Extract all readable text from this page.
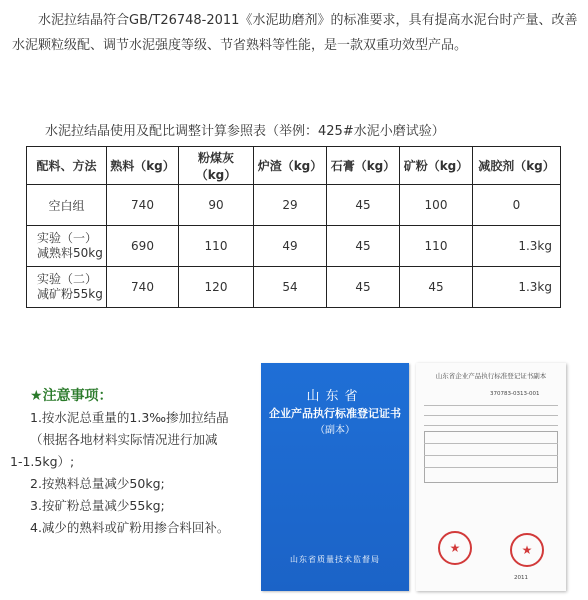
水泥拉结晶符合GB/T26748-2011《水泥助磨剂》的标准要求，具有提高水泥台时产量、改善水泥颗粒级配、调节水泥强度等级、节省熟料等性能，是一款双重功效型产品。

水泥拉结晶使用及配比调整计算参照表（举例：425#水泥小磨试验）
配料、方法	熟料（kg）	粉煤灰（kg）	炉渣（kg）	石膏（kg）	矿粉（kg）	减胶剂（kg）
空白组	740	90	29	45	100	0
实验（一）
减熟料50kg	690	110	49	45	110	1.3kg
实验（二）
减矿粉55kg	740	120	54	45	45	1.3kg
★注意事项：
1.按水泥总重量的1.3‰掺加拉结晶
（根据各地材料实际情况进行加减
1-1.5kg）;
2.按熟料总量减少50kg;
3.按矿粉总量减少55kg;
4.减少的熟料或矿粉用掺合料回补。
山东省
企业产品执行标准登记证书
（副本）
山东省质量技术监督局
山东省企业产品执行标准登记证书副本
370783-0313-001
★	★
2011
